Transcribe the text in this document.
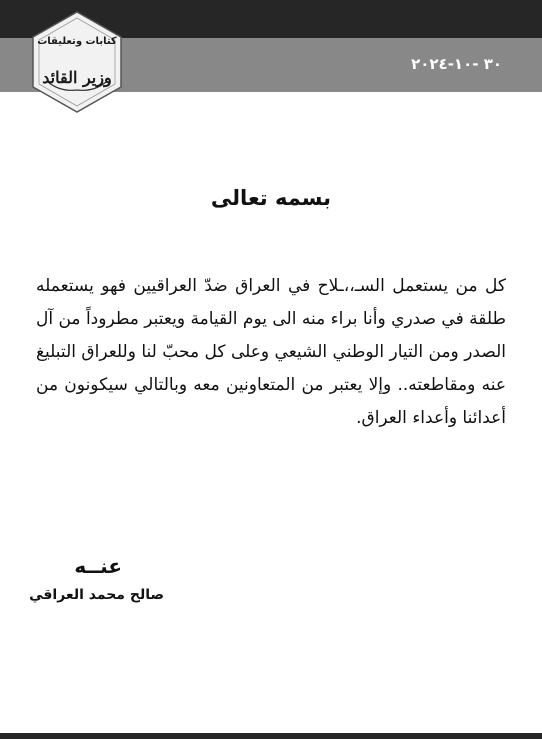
٣٠ -١٠-٢٠٢٤
كتابات وتعليقات
وزير القائد
بسمه تعالى
كل من يستعمل السـ،،ـلاح في العراق ضدّ العراقيين فهو يستعمله طلقة في صدري وأنا براء منه الى يوم القيامة ويعتبر مطروداً من آل الصدر ومن التيار الوطني الشيعي وعلى كل محبّ لنا وللعراق التبليغ عنه ومقاطعته.. وإلا يعتبر من المتعاونين معه وبالتالي سيكونون من أعدائنا وأعداء العراق.
عنــه
صالح محمد العراقي
